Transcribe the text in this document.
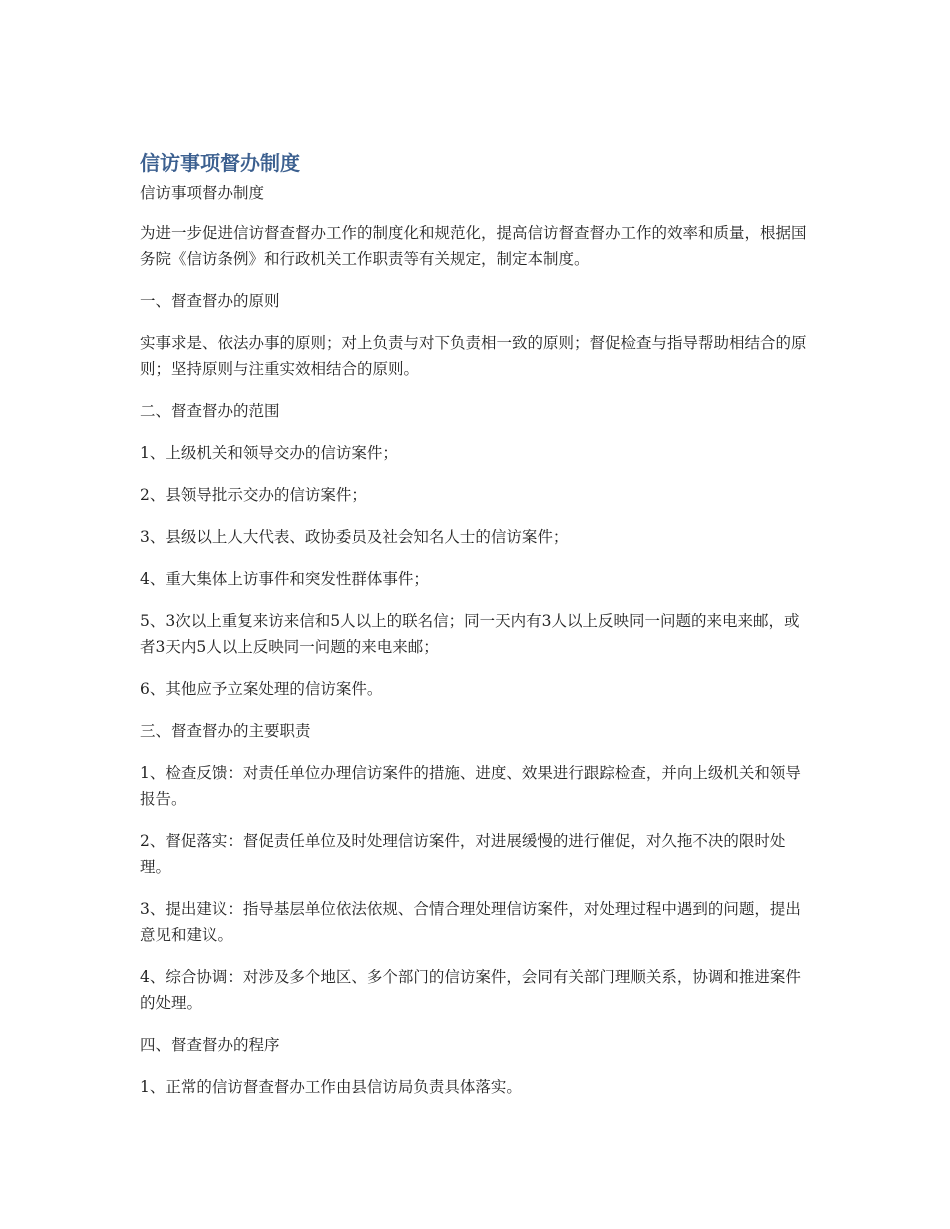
信访事项督办制度

信访事项督办制度

为进一步促进信访督查督办工作的制度化和规范化，提高信访督查督办工作的效率和质量，根据国务院《信访条例》和行政机关工作职责等有关规定，制定本制度。

一、督查督办的原则

实事求是、依法办事的原则；对上负责与对下负责相一致的原则；督促检查与指导帮助相结合的原则；坚持原则与注重实效相结合的原则。

二、督查督办的范围

1、上级机关和领导交办的信访案件；

2、县领导批示交办的信访案件；

3、县级以上人大代表、政协委员及社会知名人士的信访案件；

4、重大集体上访事件和突发性群体事件；

5、3次以上重复来访来信和5人以上的联名信；同一天内有3人以上反映同一问题的来电来邮，或者3天内5人以上反映同一问题的来电来邮；

6、其他应予立案处理的信访案件。

三、督查督办的主要职责

1、检查反馈：对责任单位办理信访案件的措施、进度、效果进行跟踪检查，并向上级机关和领导报告。

2、督促落实：督促责任单位及时处理信访案件，对进展缓慢的进行催促，对久拖不决的限时处理。

3、提出建议：指导基层单位依法依规、合情合理处理信访案件，对处理过程中遇到的问题，提出意见和建议。

4、综合协调：对涉及多个地区、多个部门的信访案件，会同有关部门理顺关系，协调和推进案件的处理。

四、督查督办的程序

1、正常的信访督查督办工作由县信访局负责具体落实。
